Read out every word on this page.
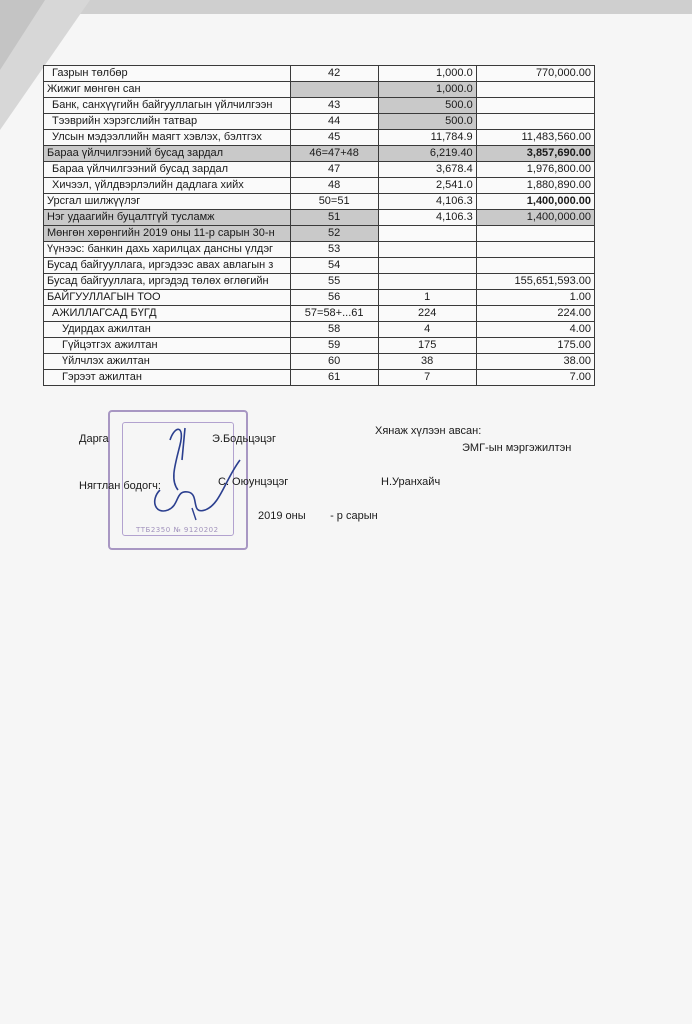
Газрын төлбөр	42	1,000.0	770,000.00
Жижиг мөнгөн сан		1,000.0	
Банк, санхүүгийн байгууллагын үйлчилгээн	43	500.0	
Тээврийн хэрэгслийн татвар	44	500.0	
Улсын мэдээллийн маягт хэвлэх, бэлтгэх	45	11,784.9	11,483,560.00
Бараа үйлчилгээний бусад зардал	46=47+48	6,219.40	3,857,690.00
Бараа үйлчилгээний бусад зардал	47	3,678.4	1,976,800.00
Хичээл, үйлдвэрлэлийн дадлага хийх	48	2,541.0	1,880,890.00
Урсгал шилжүүлэг	50=51	4,106.3	1,400,000.00
Нэг удаагийн буцалтгүй тусламж	51	4,106.3	1,400,000.00
Мөнгөн хөрөнгийн 2019 оны 11-р сарын 30-н	52		
Үүнээс: банкин дахь харилцах дансны үлдэг	53		
Бусад байгууллага, иргэдээс авах авлагын з	54		
Бусад байгууллага, иргэдэд төлөх өглөгийн	55		155,651,593.00
БАЙГУУЛЛАГЫН ТОО	56	1	1.00
АЖИЛЛАГСАД БҮГД	57=58+...61	224	224.00
Удирдах ажилтан	58	4	4.00
Гүйцэтгэх ажилтан	59	175	175.00
Үйлчлэх ажилтан	60	38	38.00
Гэрээт ажилтан	61	7	7.00
ТТБ2350 № 9120202
Дарга	Э.Бодьцэцэг
Хянаж хүлээн авсан:
ЭМГ-ын мэргэжилтэн
Нягтлан бодогч:	С. Оюунцэцэг	Н.Уранхайч
2019 оны        - р сарын
